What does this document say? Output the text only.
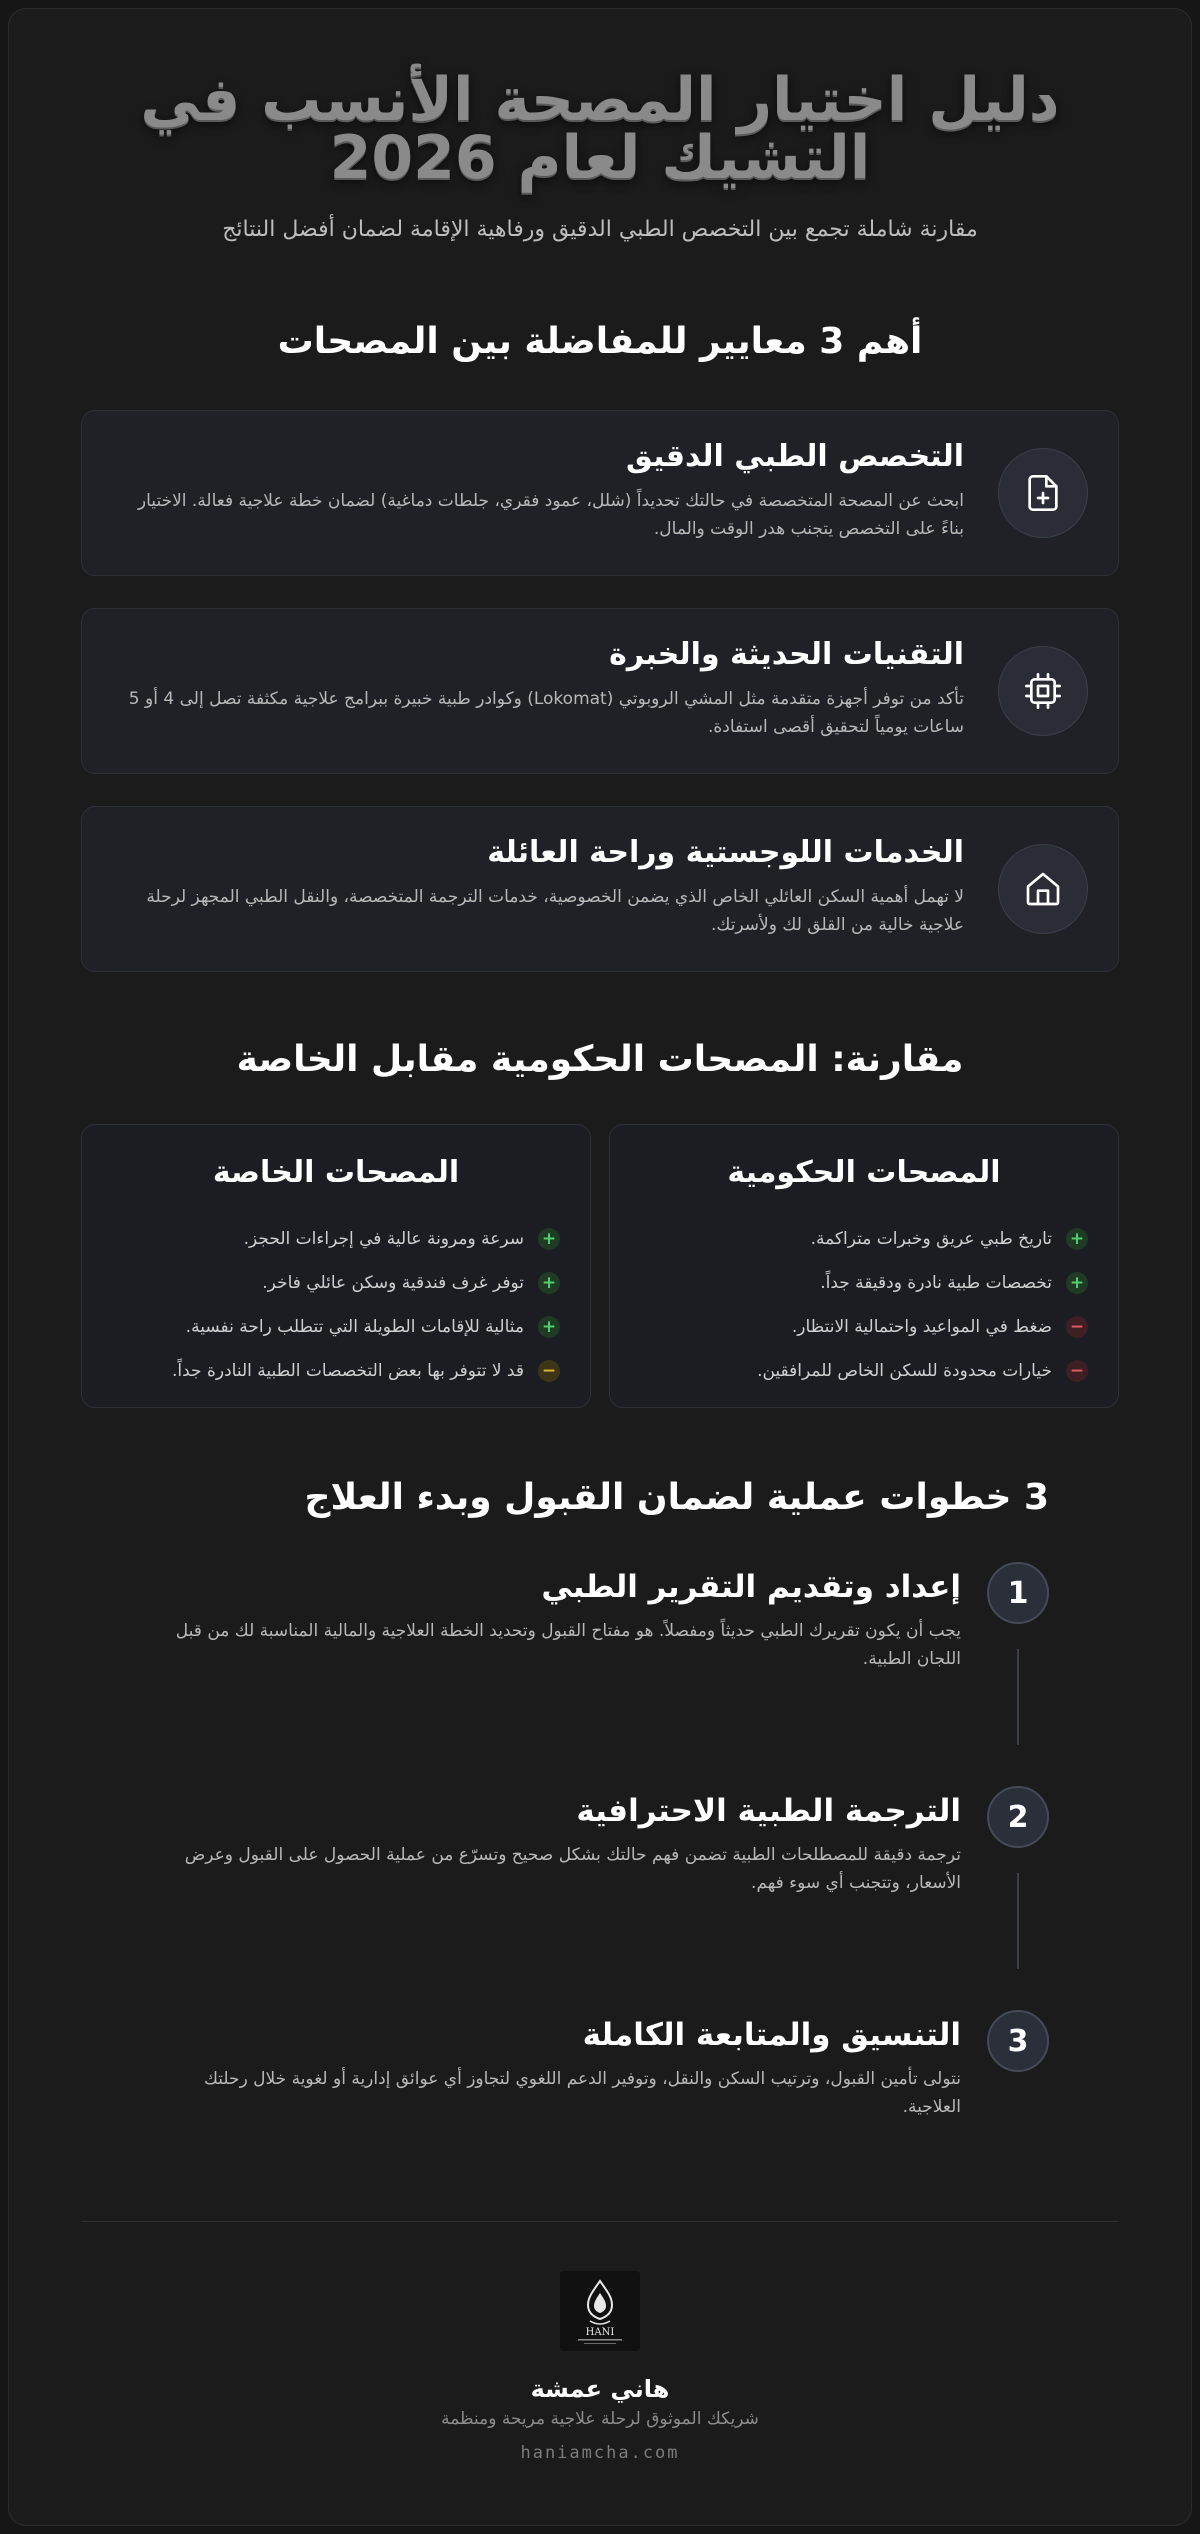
دليل اختيار المصحة الأنسب في التشيك لعام 2026

مقارنة شاملة تجمع بين التخصص الطبي الدقيق ورفاهية الإقامة لضمان أفضل النتائج

أهم 3 معايير للمفاضلة بين المصحات
التخصص الطبي الدقيق

ابحث عن المصحة المتخصصة في حالتك تحديداً (شلل، عمود فقري، جلطات دماغية) لضمان خطة علاجية فعالة. الاختيار بناءً على التخصص يتجنب هدر الوقت والمال.

التقنيات الحديثة والخبرة

تأكد من توفر أجهزة متقدمة مثل المشي الروبوتي (Lokomat) وكوادر طبية خبيرة ببرامج علاجية مكثفة تصل إلى 4 أو 5 ساعات يومياً لتحقيق أقصى استفادة.

الخدمات اللوجستية وراحة العائلة

لا تهمل أهمية السكن العائلي الخاص الذي يضمن الخصوصية، خدمات الترجمة المتخصصة، والنقل الطبي المجهز لرحلة علاجية خالية من القلق لك ولأسرتك.

مقارنة: المصحات الحكومية مقابل الخاصة
المصحات الحكومية
+
تاريخ طبي عريق وخبرات متراكمة.
+
تخصصات طبية نادرة ودقيقة جداً.
−
ضغط في المواعيد واحتمالية الانتظار.
−
خيارات محدودة للسكن الخاص للمرافقين.
المصحات الخاصة
+
سرعة ومرونة عالية في إجراءات الحجز.
+
توفر غرف فندقية وسكن عائلي فاخر.
+
مثالية للإقامات الطويلة التي تتطلب راحة نفسية.
−
قد لا تتوفر بها بعض التخصصات الطبية النادرة جداً.
3 خطوات عملية لضمان القبول وبدء العلاج
1
إعداد وتقديم التقرير الطبي

يجب أن يكون تقريرك الطبي حديثاً ومفصلاً. هو مفتاح القبول وتحديد الخطة العلاجية والمالية المناسبة لك من قبل اللجان الطبية.

2
الترجمة الطبية الاحترافية

ترجمة دقيقة للمصطلحات الطبية تضمن فهم حالتك بشكل صحيح وتسرّع من عملية الحصول على القبول وعرض الأسعار، وتتجنب أي سوء فهم.

3
التنسيق والمتابعة الكاملة

نتولى تأمين القبول، وترتيب السكن والنقل، وتوفير الدعم اللغوي لتجاوز أي عوائق إدارية أو لغوية خلال رحلتك العلاجية.

HANI
هاني عمشة
شريكك الموثوق لرحلة علاجية مريحة ومنظمة
haniamcha.com
